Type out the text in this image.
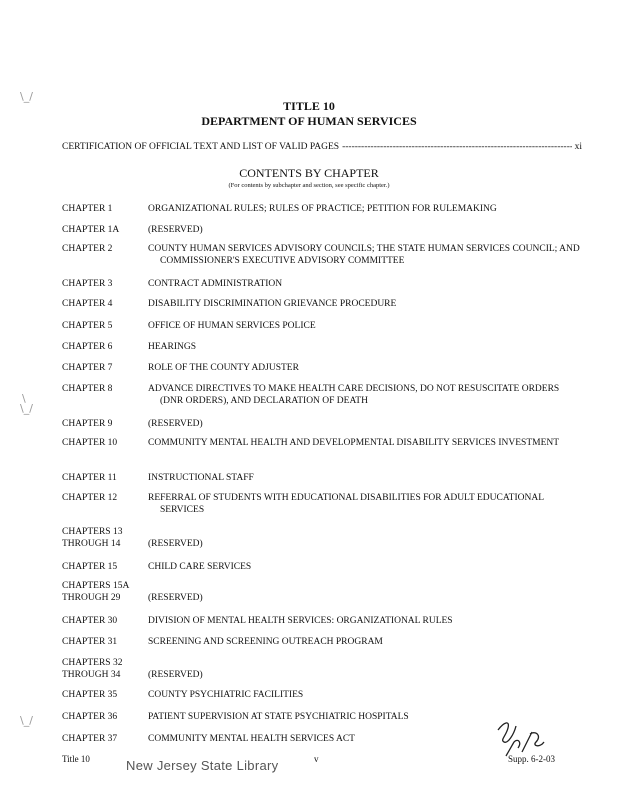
\_/
\
\_/
\_/
TITLE 10
DEPARTMENT OF HUMAN SERVICES
CERTIFICATION OF OFFICIAL TEXT AND LIST OF VALID PAGES
-----	xi
CONTENTS BY CHAPTER
(For contents by subchapter and section, see specific chapter.)
CHAPTER 1	ORGANIZATIONAL RULES; RULES OF PRACTICE; PETITION FOR RULEMAKING
CHAPTER 1A	(RESERVED)
CHAPTER 2	COUNTY HUMAN SERVICES ADVISORY COUNCILS; THE STATE HUMAN SERVICES COUNCIL; AND COMMISSIONER'S EXECUTIVE ADVISORY COMMITTEE
CHAPTER 3	CONTRACT ADMINISTRATION
CHAPTER 4	DISABILITY DISCRIMINATION GRIEVANCE PROCEDURE
CHAPTER 5	OFFICE OF HUMAN SERVICES POLICE
CHAPTER 6	HEARINGS
CHAPTER 7	ROLE OF THE COUNTY ADJUSTER
CHAPTER 8	ADVANCE DIRECTIVES TO MAKE HEALTH CARE DECISIONS, DO NOT RESUSCITATE ORDERS (DNR ORDERS), AND DECLARATION OF DEATH
CHAPTER 9	(RESERVED)
CHAPTER 10	COMMUNITY MENTAL HEALTH AND DEVELOPMENTAL DISABILITY SERVICES INVESTMENT
CHAPTER 11	INSTRUCTIONAL STAFF
CHAPTER 12	REFERRAL OF STUDENTS WITH EDUCATIONAL DISABILITIES FOR ADULT EDUCATIONAL SERVICES
CHAPTERS 13
THROUGH 14	(RESERVED)
CHAPTER 15	CHILD CARE SERVICES
CHAPTERS 15A
THROUGH 29	(RESERVED)
CHAPTER 30	DIVISION OF MENTAL HEALTH SERVICES: ORGANIZATIONAL RULES
CHAPTER 31	SCREENING AND SCREENING OUTREACH PROGRAM
CHAPTERS 32
THROUGH 34	(RESERVED)
CHAPTER 35	COUNTY PSYCHIATRIC FACILITIES
CHAPTER 36	PATIENT SUPERVISION AT STATE PSYCHIATRIC HOSPITALS
CHAPTER 37	COMMUNITY MENTAL HEALTH SERVICES ACT
Title 10	v	Supp. 6-2-03
New Jersey State Library
